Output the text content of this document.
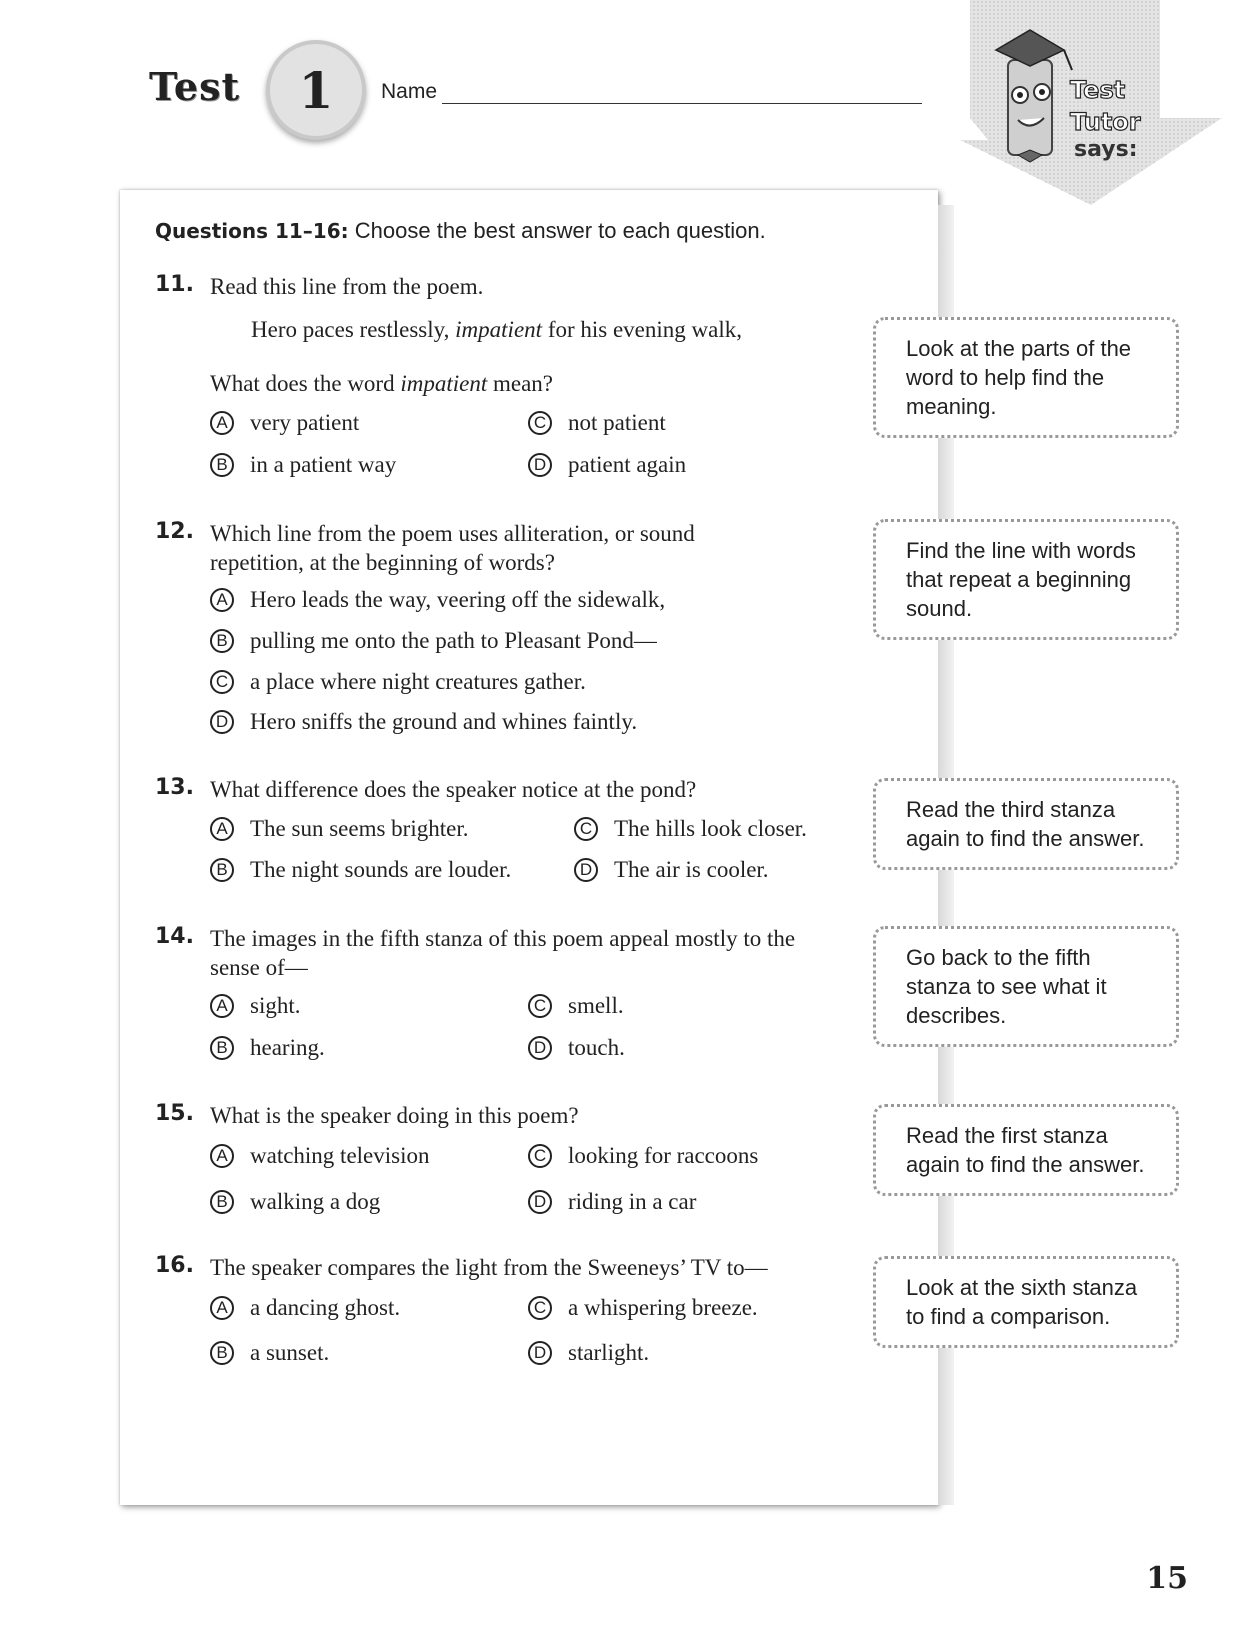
Test	1	Name	Test
Tutor
says:
Questions 11–16: Choose the best answer to each question.
11. Read this line from the poem.
Hero paces restlessly, impatient for his evening walk,
What does the word impatient mean?
A very patient
B in a patient way
C not patient
D patient again
12. Which line from the poem uses alliteration, or sound repetition, at the beginning of words?
A Hero leads the way, veering off the sidewalk,
B pulling me onto the path to Pleasant Pond—
C a place where night creatures gather.
D Hero sniffs the ground and whines faintly.
13. What difference does the speaker notice at the pond?
A The sun seems brighter.
B The night sounds are louder.
C The hills look closer.
D The air is cooler.
14. The images in the fifth stanza of this poem appeal mostly to the sense of—
A sight.
B hearing.
C smell.
D touch.
15. What is the speaker doing in this poem?
A watching television
B walking a dog
C looking for raccoons
D riding in a car
16. The speaker compares the light from the Sweeneys’ TV to—
A a dancing ghost.
B a sunset.
C a whispering breeze.
D starlight.
Look at the parts of the word to help find the meaning.
Find the line with words that repeat a beginning sound.
Read the third stanza again to find the answer.
Go back to the fifth stanza to see what it describes.
Read the first stanza again to find the answer.
Look at the sixth stanza to find a comparison.
15
